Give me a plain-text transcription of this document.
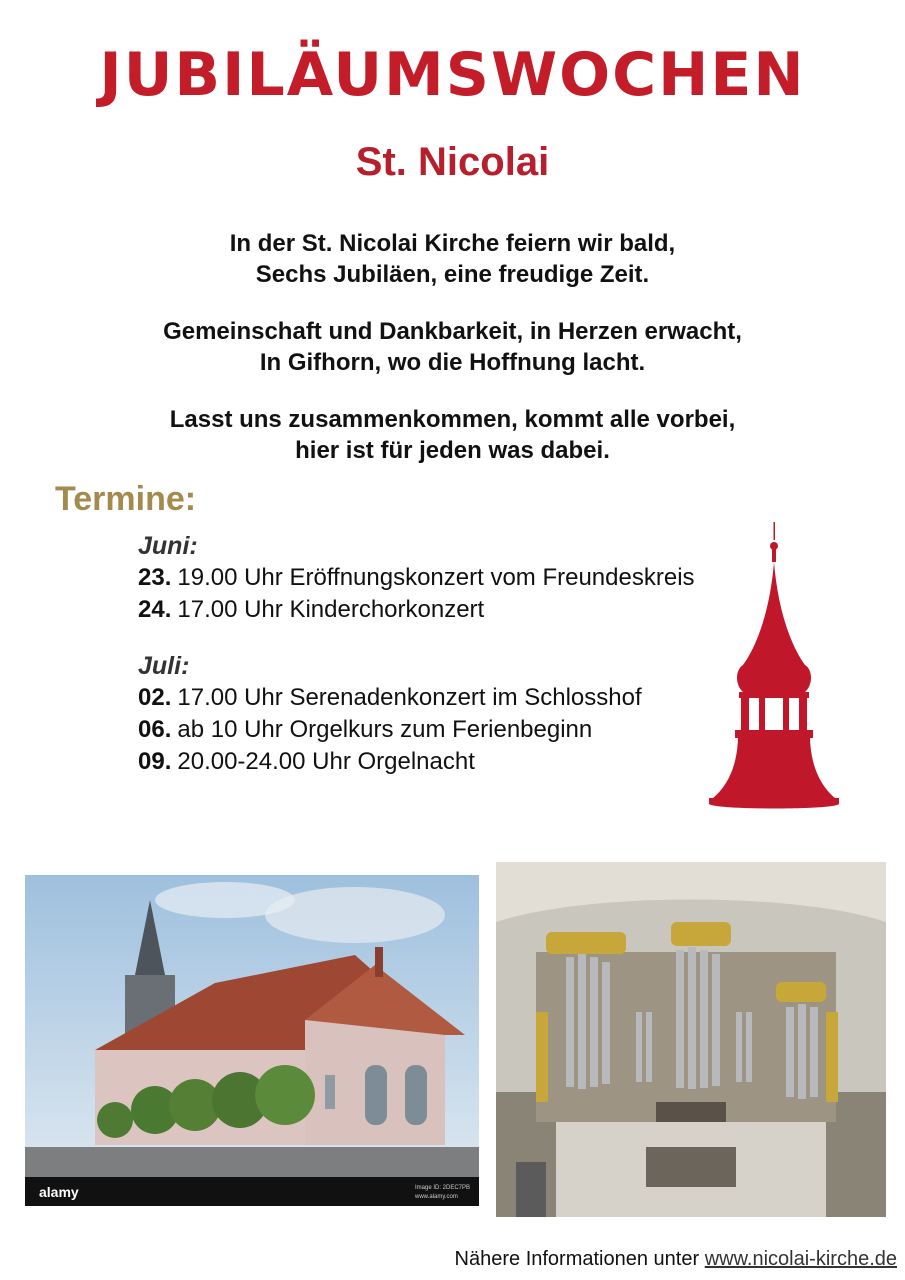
JUBILÄUMSWOCHEN
St. Nicolai
In der St. Nicolai Kirche feiern wir bald,
Sechs Jubiläen, eine freudige Zeit.
Gemeinschaft und Dankbarkeit, in Herzen erwacht,
In Gifhorn, wo die Hoffnung lacht.
Lasst uns zusammenkommen, kommt alle vorbei,
hier ist für jeden was dabei.
Termine:
Juni:
23. 19.00 Uhr Eröffnungskonzert vom Freundeskreis
24. 17.00 Uhr Kinderchorkonzert
Juli:
02. 17.00 Uhr Serenadenkonzert im Schlosshof
06. ab 10 Uhr Orgelkurs zum Ferienbeginn
09. 20.00-24.00 Uhr Orgelnacht
alamy	Image ID: 2DEC7PB
www.alamy.com
Nähere Informationen unter www.nicolai-kirche.de
